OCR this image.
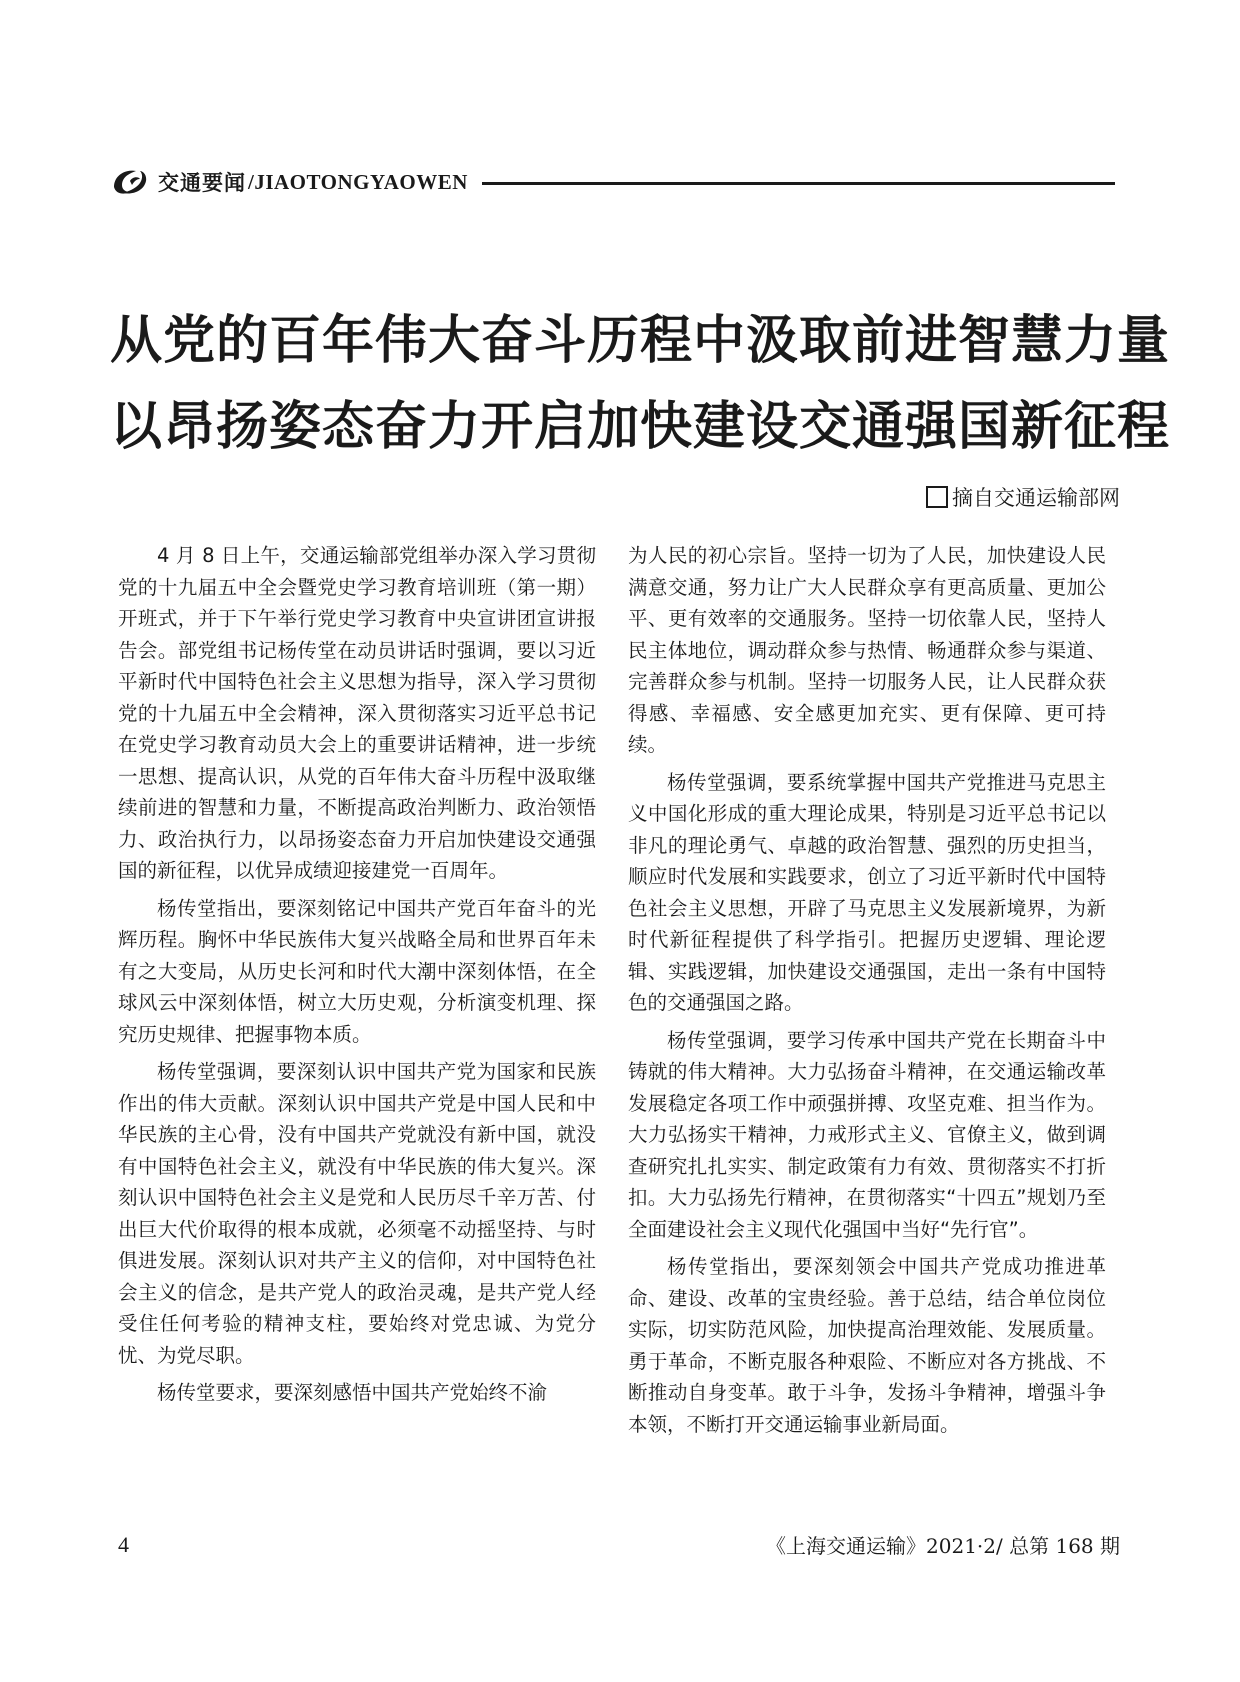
交通要闻 /JIAOTONGYAOWEN
从党的百年伟大奋斗历程中汲取前进智慧力量
以昂扬姿态奋力开启加快建设交通强国新征程
摘自交通运输部网

4 月 8 日上午，交通运输部党组举办深入学习贯彻党的十九届五中全会暨党史学习教育培训班（第一期）开班式，并于下午举行党史学习教育中央宣讲团宣讲报告会。部党组书记杨传堂在动员讲话时强调，要以习近平新时代中国特色社会主义思想为指导，深入学习贯彻党的十九届五中全会精神，深入贯彻落实习近平总书记在党史学习教育动员大会上的重要讲话精神，进一步统一思想、提高认识，从党的百年伟大奋斗历程中汲取继续前进的智慧和力量，不断提高政治判断力、政治领悟力、政治执行力，以昂扬姿态奋力开启加快建设交通强国的新征程，以优异成绩迎接建党一百周年。

杨传堂指出，要深刻铭记中国共产党百年奋斗的光辉历程。胸怀中华民族伟大复兴战略全局和世界百年未有之大变局，从历史长河和时代大潮中深刻体悟，在全球风云中深刻体悟，树立大历史观，分析演变机理、探究历史规律、把握事物本质。

杨传堂强调，要深刻认识中国共产党为国家和民族作出的伟大贡献。深刻认识中国共产党是中国人民和中华民族的主心骨，没有中国共产党就没有新中国，就没有中国特色社会主义，就没有中华民族的伟大复兴。深刻认识中国特色社会主义是党和人民历尽千辛万苦、付出巨大代价取得的根本成就，必须毫不动摇坚持、与时俱进发展。深刻认识对共产主义的信仰，对中国特色社会主义的信念，是共产党人的政治灵魂，是共产党人经受住任何考验的精神支柱，要始终对党忠诚、为党分忧、为党尽职。

杨传堂要求，要深刻感悟中国共产党始终不渝

为人民的初心宗旨。坚持一切为了人民，加快建设人民满意交通，努力让广大人民群众享有更高质量、更加公平、更有效率的交通服务。坚持一切依靠人民，坚持人民主体地位，调动群众参与热情、畅通群众参与渠道、完善群众参与机制。坚持一切服务人民，让人民群众获得感、幸福感、安全感更加充实、更有保障、更可持续。

杨传堂强调，要系统掌握中国共产党推进马克思主义中国化形成的重大理论成果，特别是习近平总书记以非凡的理论勇气、卓越的政治智慧、强烈的历史担当，顺应时代发展和实践要求，创立了习近平新时代中国特色社会主义思想，开辟了马克思主义发展新境界，为新时代新征程提供了科学指引。把握历史逻辑、理论逻辑、实践逻辑，加快建设交通强国，走出一条有中国特色的交通强国之路。

杨传堂强调，要学习传承中国共产党在长期奋斗中铸就的伟大精神。大力弘扬奋斗精神，在交通运输改革发展稳定各项工作中顽强拼搏、攻坚克难、担当作为。大力弘扬实干精神，力戒形式主义、官僚主义，做到调查研究扎扎实实、制定政策有力有效、贯彻落实不打折扣。大力弘扬先行精神，在贯彻落实“十四五”规划乃至全面建设社会主义现代化强国中当好“先行官”。

杨传堂指出，要深刻领会中国共产党成功推进革命、建设、改革的宝贵经验。善于总结，结合单位岗位实际，切实防范风险，加快提高治理效能、发展质量。勇于革命，不断克服各种艰险、不断应对各方挑战、不断推动自身变革。敢于斗争，发扬斗争精神，增强斗争本领，不断打开交通运输事业新局面。

4	《上海交通运输》2021·2/ 总第 168 期
